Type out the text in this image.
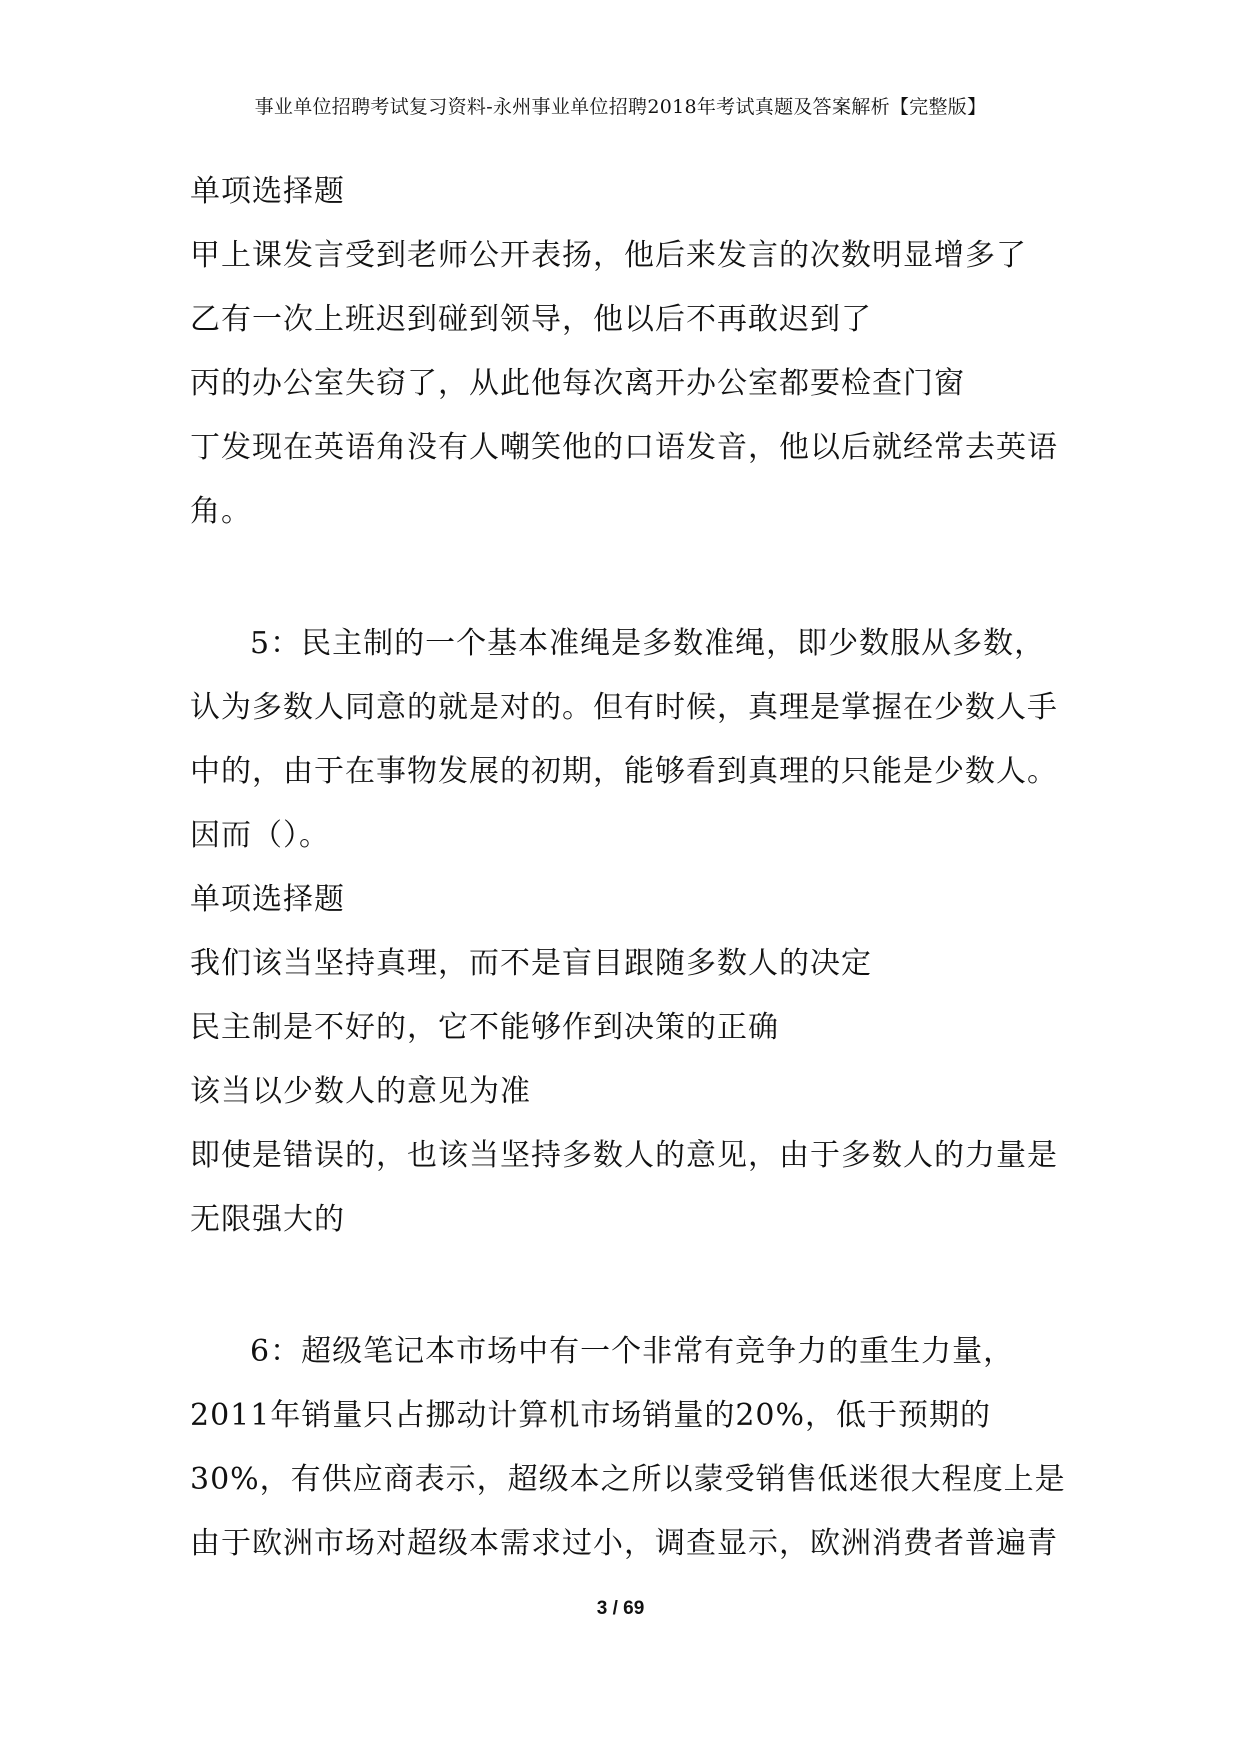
事业单位招聘考试复习资料-永州事业单位招聘2018年考试真题及答案解析【完整版】
单项选择题
甲上课发言受到老师公开表扬，他后来发言的次数明显增多了
乙有一次上班迟到碰到领导，他以后不再敢迟到了
丙的办公室失窃了，从此他每次离开办公室都要检查门窗
丁发现在英语角没有人嘲笑他的口语发音，他以后就经常去英语
角。
5：民主制的一个基本准绳是多数准绳，即少数服从多数，
认为多数人同意的就是对的。但有时候，真理是掌握在少数人手
中的，由于在事物发展的初期，能够看到真理的只能是少数人。
因而（）。
单项选择题
我们该当坚持真理，而不是盲目跟随多数人的决定
民主制是不好的，它不能够作到决策的正确
该当以少数人的意见为准
即使是错误的，也该当坚持多数人的意见，由于多数人的力量是
无限强大的
6：超级笔记本市场中有一个非常有竞争力的重生力量，
2011年销量只占挪动计算机市场销量的20%，低于预期的
30%，有供应商表示，超级本之所以蒙受销售低迷很大程度上是
由于欧洲市场对超级本需求过小，调查显示，欧洲消费者普遍青
3 / 69
